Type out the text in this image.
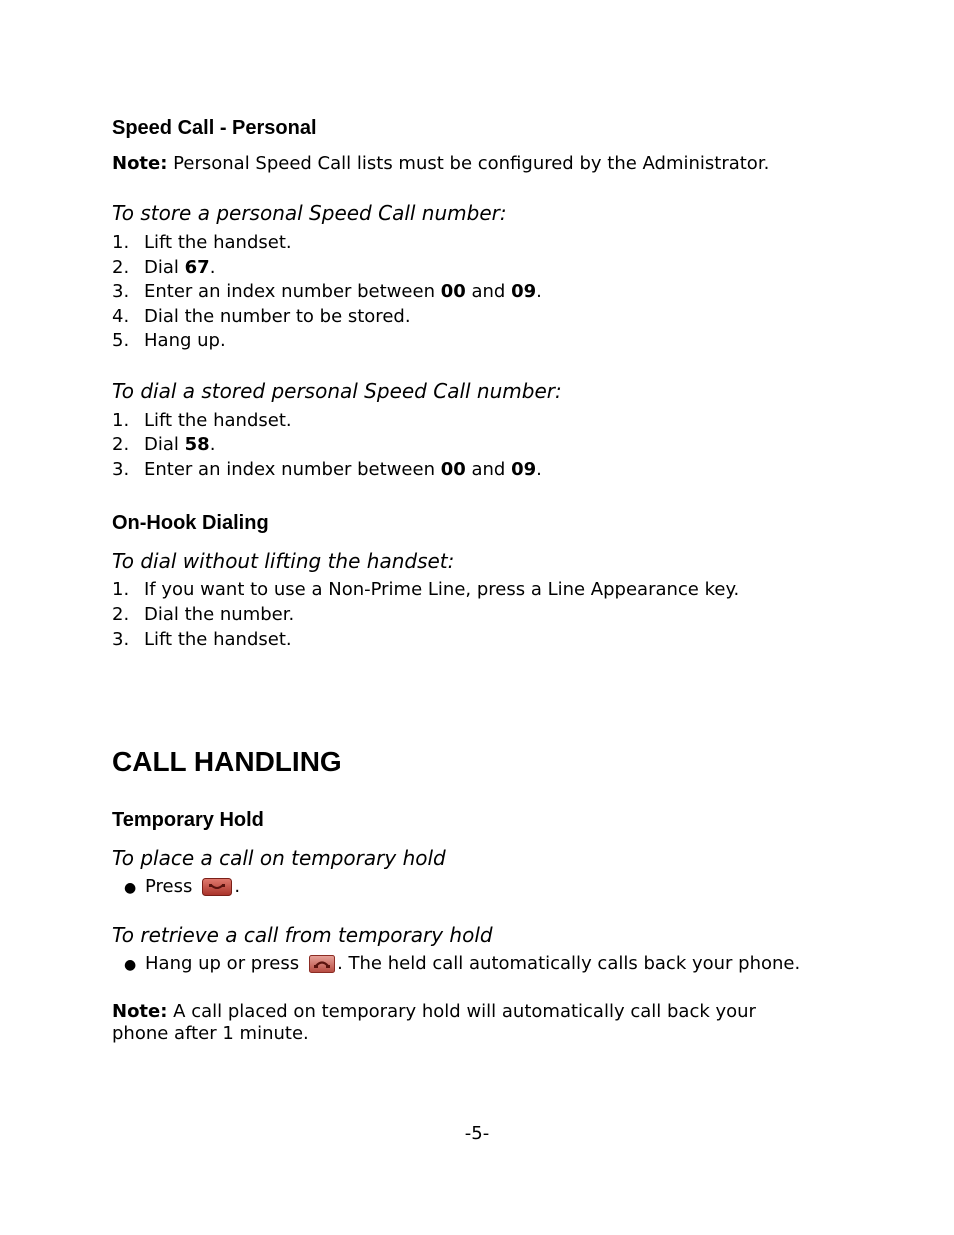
Speed Call - Personal

Note: Personal Speed Call lists must be configured by the Administrator.

To store a personal Speed Call number:

1. Lift the handset.
2. Dial 67.
3. Enter an index number between 00 and 09.
4. Dial the number to be stored.
5. Hang up.

To dial a stored personal Speed Call number:

1. Lift the handset.
2. Dial 58.
3. Enter an index number between 00 and 09.
On-Hook Dialing

To dial without lifting the handset:

1. If you want to use a Non-Prime Line, press a Line Appearance key.
2. Dial the number.
3. Lift the handset.
CALL HANDLING
Temporary Hold

To place a call on temporary hold

● Press .

To retrieve a call from temporary hold

● Hang up or press . The held call automatically calls back your phone.

Note: A call placed on temporary hold will automatically call back your

phone after 1 minute.

-5-
